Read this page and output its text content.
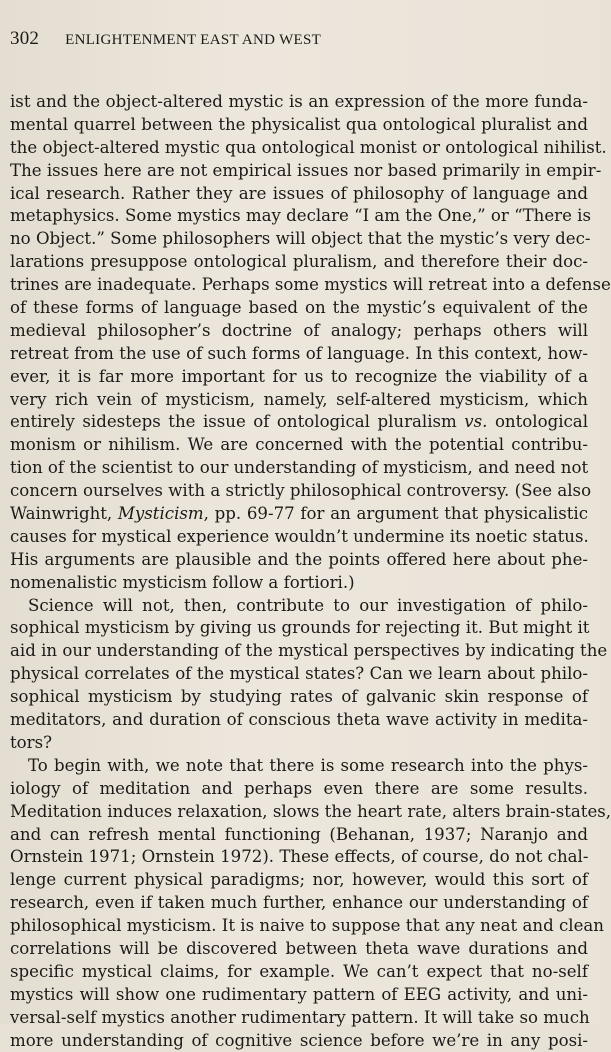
302 ENLIGHTENMENT EAST AND WEST
ist and the object-altered mystic is an expression of the more funda-
mental quarrel between the physicalist qua ontological pluralist and
the object-altered mystic qua ontological monist or ontological nihilist.
The issues here are not empirical issues nor based primarily in empir-
ical research. Rather they are issues of philosophy of language and
metaphysics. Some mystics may declare “I am the One,” or “There is
no Object.” Some philosophers will object that the mystic’s very dec-
larations presuppose ontological pluralism, and therefore their doc-
trines are inadequate. Perhaps some mystics will retreat into a defense
of these forms of language based on the mystic’s equivalent of the
medieval philosopher’s doctrine of analogy; perhaps others will
retreat from the use of such forms of language. In this context, how-
ever, it is far more important for us to recognize the viability of a
very rich vein of mysticism, namely, self-altered mysticism, which
entirely sidesteps the issue of ontological pluralism vs. ontological
monism or nihilism. We are concerned with the potential contribu-
tion of the scientist to our understanding of mysticism, and need not
concern ourselves with a strictly philosophical controversy. (See also
Wainwright, Mysticism, pp. 69-77 for an argument that physicalistic
causes for mystical experience wouldn’t undermine its noetic status.
His arguments are plausible and the points offered here about phe-
nomenalistic mysticism follow a fortiori.)
Science will not, then, contribute to our investigation of philo-
sophical mysticism by giving us grounds for rejecting it. But might it
aid in our understanding of the mystical perspectives by indicating the
physical correlates of the mystical states? Can we learn about philo-
sophical mysticism by studying rates of galvanic skin response of
meditators, and duration of conscious theta wave activity in medita-
tors?
To begin with, we note that there is some research into the phys-
iology of meditation and perhaps even there are some results.
Meditation induces relaxation, slows the heart rate, alters brain-states,
and can refresh mental functioning (Behanan, 1937; Naranjo and
Ornstein 1971; Ornstein 1972). These effects, of course, do not chal-
lenge current physical paradigms; nor, however, would this sort of
research, even if taken much further, enhance our understanding of
philosophical mysticism. It is naive to suppose that any neat and clean
correlations will be discovered between theta wave durations and
specific mystical claims, for example. We can’t expect that no-self
mystics will show one rudimentary pattern of EEG activity, and uni-
versal-self mystics another rudimentary pattern. It will take so much
more understanding of cognitive science before we’re in any posi-
